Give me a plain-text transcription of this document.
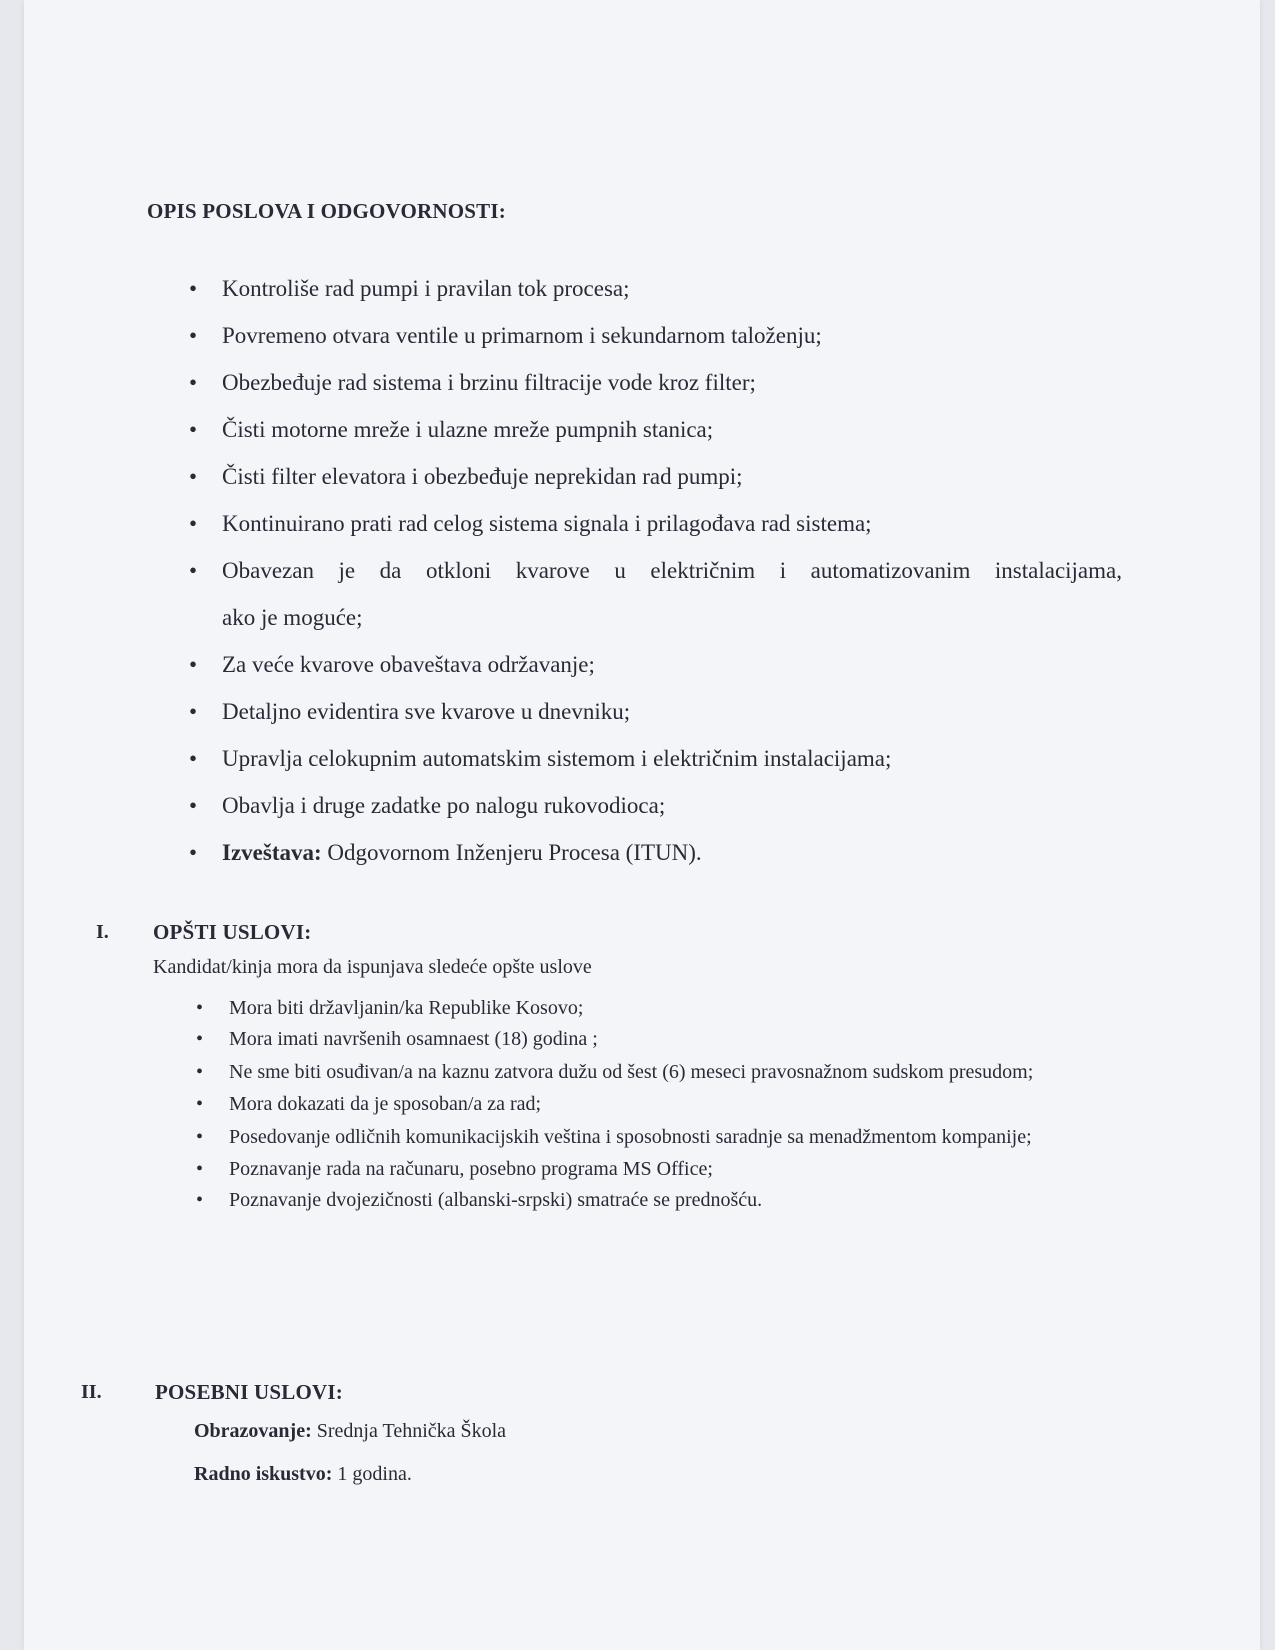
OPIS POSLOVA I ODGOVORNOSTI:
• Kontroliše rad pumpi i pravilan tok procesa;
• Povremeno otvara ventile u primarnom i sekundarnom taloženju;
• Obezbeđuje rad sistema i brzinu filtracije vode kroz filter;
• Čisti motorne mreže i ulazne mreže pumpnih stanica;
• Čisti filter elevatora i obezbeđuje neprekidan rad pumpi;
• Kontinuirano prati rad celog sistema signala i prilagođava rad sistema;
• Obavezan je da otkloni kvarove u električnim i automatizovanim instalacijama,
ako je moguće;
• Za veće kvarove obaveštava održavanje;
• Detaljno evidentira sve kvarove u dnevniku;
• Upravlja celokupnim automatskim sistemom i električnim instalacijama;
• Obavlja i druge zadatke po nalogu rukovodioca;
• Izveštava: Odgovornom Inženjeru Procesa (ITUN).
I. OPŠTI USLOVI:
Kandidat/kinja mora da ispunjava sledeće opšte uslove
• Mora biti državljanin/ka Republike Kosovo;
• Mora imati navršenih osamnaest (18) godina ;
• Ne sme biti osuđivan/a na kaznu zatvora dužu od šest (6) meseci pravosnažnom sudskom presudom;
• Mora dokazati da je sposoban/a za rad;
• Posedovanje odličnih komunikacijskih veština i sposobnosti saradnje sa menadžmentom kompanije;
• Poznavanje rada na računaru, posebno programa MS Office;
• Poznavanje dvojezičnosti (albanski-srpski) smatraće se prednošću.
II.	POSEBNI USLOVI:
Obrazovanje: Srednja Tehnička Škola
Radno iskustvo: 1 godina.
